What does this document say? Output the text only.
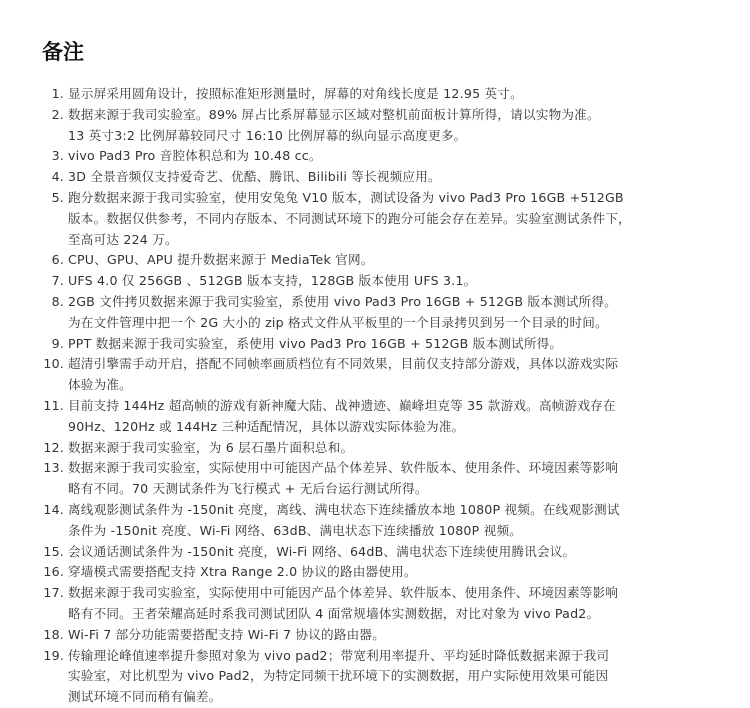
备注
1. 显示屏采用圆角设计，按照标准矩形测量时，屏幕的对角线长度是 12.95 英寸。
2. 数据来源于我司实验室。89% 屏占比系屏幕显示区域对整机前面板计算所得，请以实物为准。
13 英寸3:2 比例屏幕较同尺寸 16:10 比例屏幕的纵向显示高度更多。
3. vivo Pad3 Pro 音腔体积总和为 10.48 cc。
4. 3D 全景音频仅支持爱奇艺、优酷、腾讯、Bilibili 等长视频应用。
5. 跑分数据来源于我司实验室，使用安兔兔 V10 版本，测试设备为 vivo Pad3 Pro 16GB +512GB
版本。数据仅供参考，不同内存版本、不同测试环境下的跑分可能会存在差异。实验室测试条件下，
至高可达 224 万。
6. CPU、GPU、APU 提升数据来源于 MediaTek 官网。
7. UFS 4.0 仅 256GB 、512GB 版本支持，128GB 版本使用 UFS 3.1。
8. 2GB 文件拷贝数据来源于我司实验室，系使用 vivo Pad3 Pro 16GB + 512GB 版本测试所得。
为在文件管理中把一个 2G 大小的 zip 格式文件从平板里的一个目录拷贝到另一个目录的时间。
9. PPT 数据来源于我司实验室，系使用 vivo Pad3 Pro 16GB + 512GB 版本测试所得。
10. 超清引擎需手动开启，搭配不同帧率画质档位有不同效果，目前仅支持部分游戏，具体以游戏实际
体验为准。
11. 目前支持 144Hz 超高帧的游戏有新神魔大陆、战神遗迹、巅峰坦克等 35 款游戏。高帧游戏存在
90Hz、120Hz 或 144Hz 三种适配情况，具体以游戏实际体验为准。
12. 数据来源于我司实验室，为 6 层石墨片面积总和。
13. 数据来源于我司实验室，实际使用中可能因产品个体差异、软件版本、使用条件、环境因素等影响
略有不同。70 天测试条件为飞行模式 + 无后台运行测试所得。
14. 离线观影测试条件为 -150nit 亮度，离线、满电状态下连续播放本地 1080P 视频。在线观影测试
条件为 -150nit 亮度、Wi-Fi 网络、63dB、满电状态下连续播放 1080P 视频。
15. 会议通话测试条件为 -150nit 亮度，Wi-Fi 网络、64dB、满电状态下连续使用腾讯会议。
16. 穿墙模式需要搭配支持 Xtra Range 2.0 协议的路由器使用。
17. 数据来源于我司实验室，实际使用中可能因产品个体差异、软件版本、使用条件、环境因素等影响
略有不同。王者荣耀高延时系我司测试团队 4 面常规墙体实测数据，对比对象为 vivo Pad2。
18. Wi-Fi 7 部分功能需要搭配支持 Wi-Fi 7 协议的路由器。
19. 传输理论峰值速率提升参照对象为 vivo pad2；带宽利用率提升、平均延时降低数据来源于我司
实验室，对比机型为 vivo Pad2，为特定同频干扰环境下的实测数据，用户实际使用效果可能因
测试环境不同而稍有偏差。
